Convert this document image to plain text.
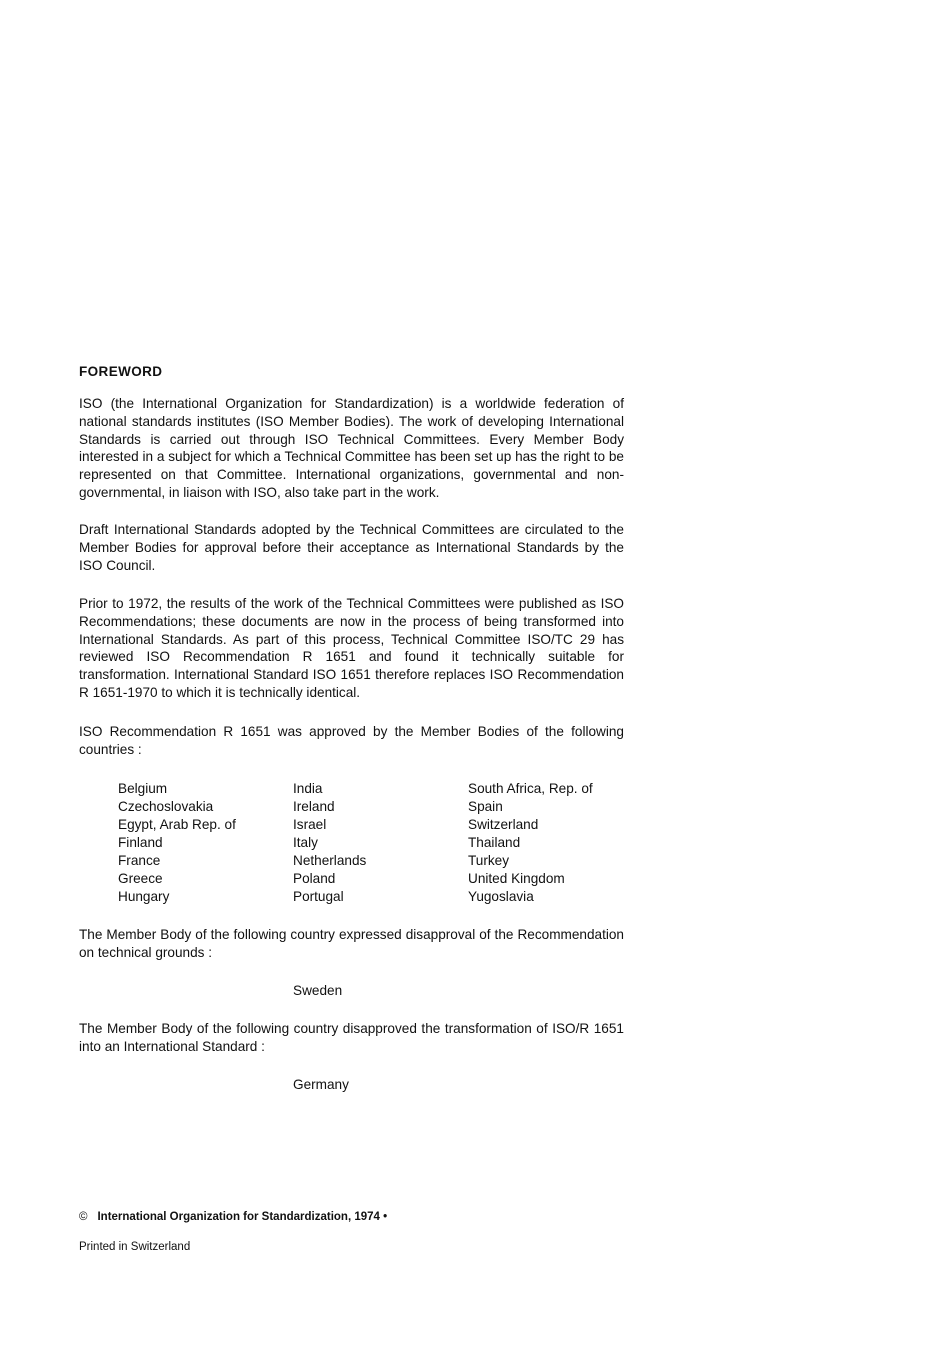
FOREWORD

ISO (the International Organization for Standardization) is a worldwide federation of national standards institutes (ISO Member Bodies). The work of developing International Standards is carried out through ISO Technical Committees. Every Member Body interested in a subject for which a Technical Committee has been set up has the right to be represented on that Committee. International organizations, governmental and non-governmental, in liaison with ISO, also take part in the work.

Draft International Standards adopted by the Technical Committees are circulated to the Member Bodies for approval before their acceptance as International Standards by the ISO Council.

Prior to 1972, the results of the work of the Technical Committees were published as ISO Recommendations; these documents are now in the process of being transformed into International Standards. As part of this process, Technical Committee ISO/TC 29 has reviewed ISO Recommendation R 1651 and found it technically suitable for transformation. International Standard ISO 1651 therefore replaces ISO Recommendation R 1651-1970 to which it is technically identical.

ISO Recommendation R 1651 was approved by the Member Bodies of the following countries :

Belgium
Czechoslovakia
Egypt, Arab Rep. of
Finland
France
Greece
Hungary
India
Ireland
Israel
Italy
Netherlands
Poland
Portugal
South Africa, Rep. of
Spain
Switzerland
Thailand
Turkey
United Kingdom
Yugoslavia

The Member Body of the following country expressed disapproval of the Recommendation on technical grounds :

Sweden

The Member Body of the following country disapproved the transformation of ISO/R 1651 into an International Standard :

Germany
© International Organization for Standardization, 1974 •
Printed in Switzerland
